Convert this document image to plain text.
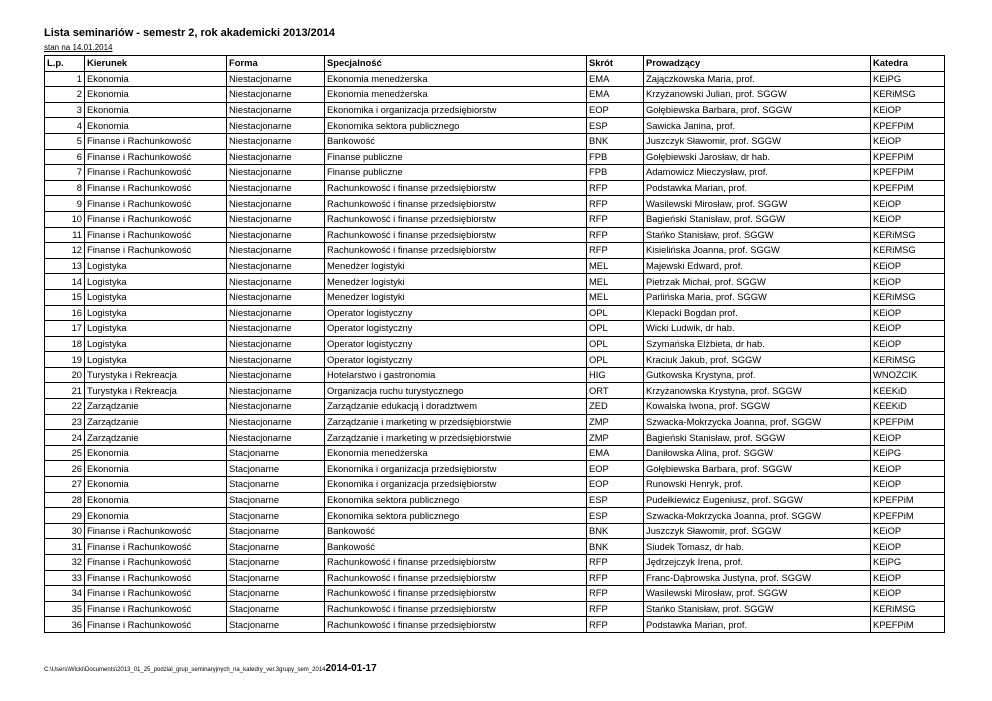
Lista seminariów - semestr 2, rok akademicki 2013/2014
stan na 14.01.2014
L.p.	Kierunek	Forma	Specjalność	Skrót	Prowadzący	Katedra
1	Ekonomia	Niestacjonarne	Ekonomia menedżerska	EMA	Zajączkowska Maria, prof.	KEiPG
2	Ekonomia	Niestacjonarne	Ekonomia menedżerska	EMA	Krzyżanowski Julian, prof. SGGW	KERiMSG
3	Ekonomia	Niestacjonarne	Ekonomika i organizacja przedsiębiorstw	EOP	Gołębiewska Barbara, prof. SGGW	KEiOP
4	Ekonomia	Niestacjonarne	Ekonomika sektora publicznego	ESP	Sawicka Janina, prof.	KPEFPiM
5	Finanse i Rachunkowość	Niestacjonarne	Bankowość	BNK	Juszczyk Sławomir, prof. SGGW	KEiOP
6	Finanse i Rachunkowość	Niestacjonarne	Finanse publiczne	FPB	Gołębiewski Jarosław, dr hab.	KPEFPiM
7	Finanse i Rachunkowość	Niestacjonarne	Finanse publiczne	FPB	Adamowicz Mieczysław, prof.	KPEFPiM
8	Finanse i Rachunkowość	Niestacjonarne	Rachunkowość i finanse przedsiębiorstw	RFP	Podstawka Marian, prof.	KPEFPiM
9	Finanse i Rachunkowość	Niestacjonarne	Rachunkowość i finanse przedsiębiorstw	RFP	Wasilewski Mirosław, prof. SGGW	KEiOP
10	Finanse i Rachunkowość	Niestacjonarne	Rachunkowość i finanse przedsiębiorstw	RFP	Bagieński Stanisław, prof. SGGW	KEiOP
11	Finanse i Rachunkowość	Niestacjonarne	Rachunkowość i finanse przedsiębiorstw	RFP	Stańko Stanisław, prof. SGGW	KERiMSG
12	Finanse i Rachunkowość	Niestacjonarne	Rachunkowość i finanse przedsiębiorstw	RFP	Kisielińska Joanna, prof. SGGW	KERiMSG
13	Logistyka	Niestacjonarne	Menedżer logistyki	MEL	Majewski Edward, prof.	KEiOP
14	Logistyka	Niestacjonarne	Menedżer logistyki	MEL	Pietrzak Michał, prof. SGGW	KEiOP
15	Logistyka	Niestacjonarne	Menedżer logistyki	MEL	Parlińska Maria, prof. SGGW	KERiMSG
16	Logistyka	Niestacjonarne	Operator logistyczny	OPL	Klepacki Bogdan prof.	KEiOP
17	Logistyka	Niestacjonarne	Operator logistyczny	OPL	Wicki Ludwik, dr hab.	KEiOP
18	Logistyka	Niestacjonarne	Operator logistyczny	OPL	Szymańska Elżbieta, dr hab.	KEiOP
19	Logistyka	Niestacjonarne	Operator logistyczny	OPL	Kraciuk Jakub, prof. SGGW	KERiMSG
20	Turystyka i Rekreacja	Niestacjonarne	Hotelarstwo i gastronomia	HIG	Gutkowska Krystyna, prof.	WNOZCIK
21	Turystyka i Rekreacja	Niestacjonarne	Organizacja ruchu turystycznego	ORT	Krzyżanowska Krystyna, prof. SGGW	KEEKiD
22	Zarządzanie	Niestacjonarne	Zarządzanie edukacją i doradztwem	ZED	Kowalska Iwona, prof. SGGW	KEEKiD
23	Zarządzanie	Niestacjonarne	Zarządzanie i marketing w przedsiębiorstwie	ZMP	Szwacka-Mokrzycka Joanna, prof. SGGW	KPEFPiM
24	Zarządzanie	Niestacjonarne	Zarządzanie i marketing w przedsiębiorstwie	ZMP	Bagieński Stanisław, prof. SGGW	KEiOP
25	Ekonomia	Stacjonarne	Ekonomia menedżerska	EMA	Daniłowska Alina, prof. SGGW	KEiPG
26	Ekonomia	Stacjonarne	Ekonomika i organizacja przedsiębiorstw	EOP	Gołębiewska Barbara, prof. SGGW	KEiOP
27	Ekonomia	Stacjonarne	Ekonomika i organizacja przedsiębiorstw	EOP	Runowski Henryk, prof.	KEiOP
28	Ekonomia	Stacjonarne	Ekonomika sektora publicznego	ESP	Pudełkiewicz Eugeniusz, prof. SGGW	KPEFPiM
29	Ekonomia	Stacjonarne	Ekonomika sektora publicznego	ESP	Szwacka-Mokrzycka Joanna, prof. SGGW	KPEFPiM
30	Finanse i Rachunkowość	Stacjonarne	Bankowość	BNK	Juszczyk Sławomir, prof. SGGW	KEiOP
31	Finanse i Rachunkowość	Stacjonarne	Bankowość	BNK	Siudek Tomasz, dr hab.	KEiOP
32	Finanse i Rachunkowość	Stacjonarne	Rachunkowość i finanse przedsiębiorstw	RFP	Jędrzejczyk Irena, prof.	KEiPG
33	Finanse i Rachunkowość	Stacjonarne	Rachunkowość i finanse przedsiębiorstw	RFP	Franc-Dąbrowska Justyna, prof. SGGW	KEiOP
34	Finanse i Rachunkowość	Stacjonarne	Rachunkowość i finanse przedsiębiorstw	RFP	Wasilewski Mirosław, prof. SGGW	KEiOP
35	Finanse i Rachunkowość	Stacjonarne	Rachunkowość i finanse przedsiębiorstw	RFP	Stańko Stanisław, prof. SGGW	KERiMSG
36	Finanse i Rachunkowość	Stacjonarne	Rachunkowość i finanse przedsiębiorstw	RFP	Podstawka Marian, prof.	KPEFPiM
C:\Users\Wicki\Documents\2013_01_25_podzial_grup_seminaryjnych_na_katedry_ver.3grupy_sem_20142014-01-17
